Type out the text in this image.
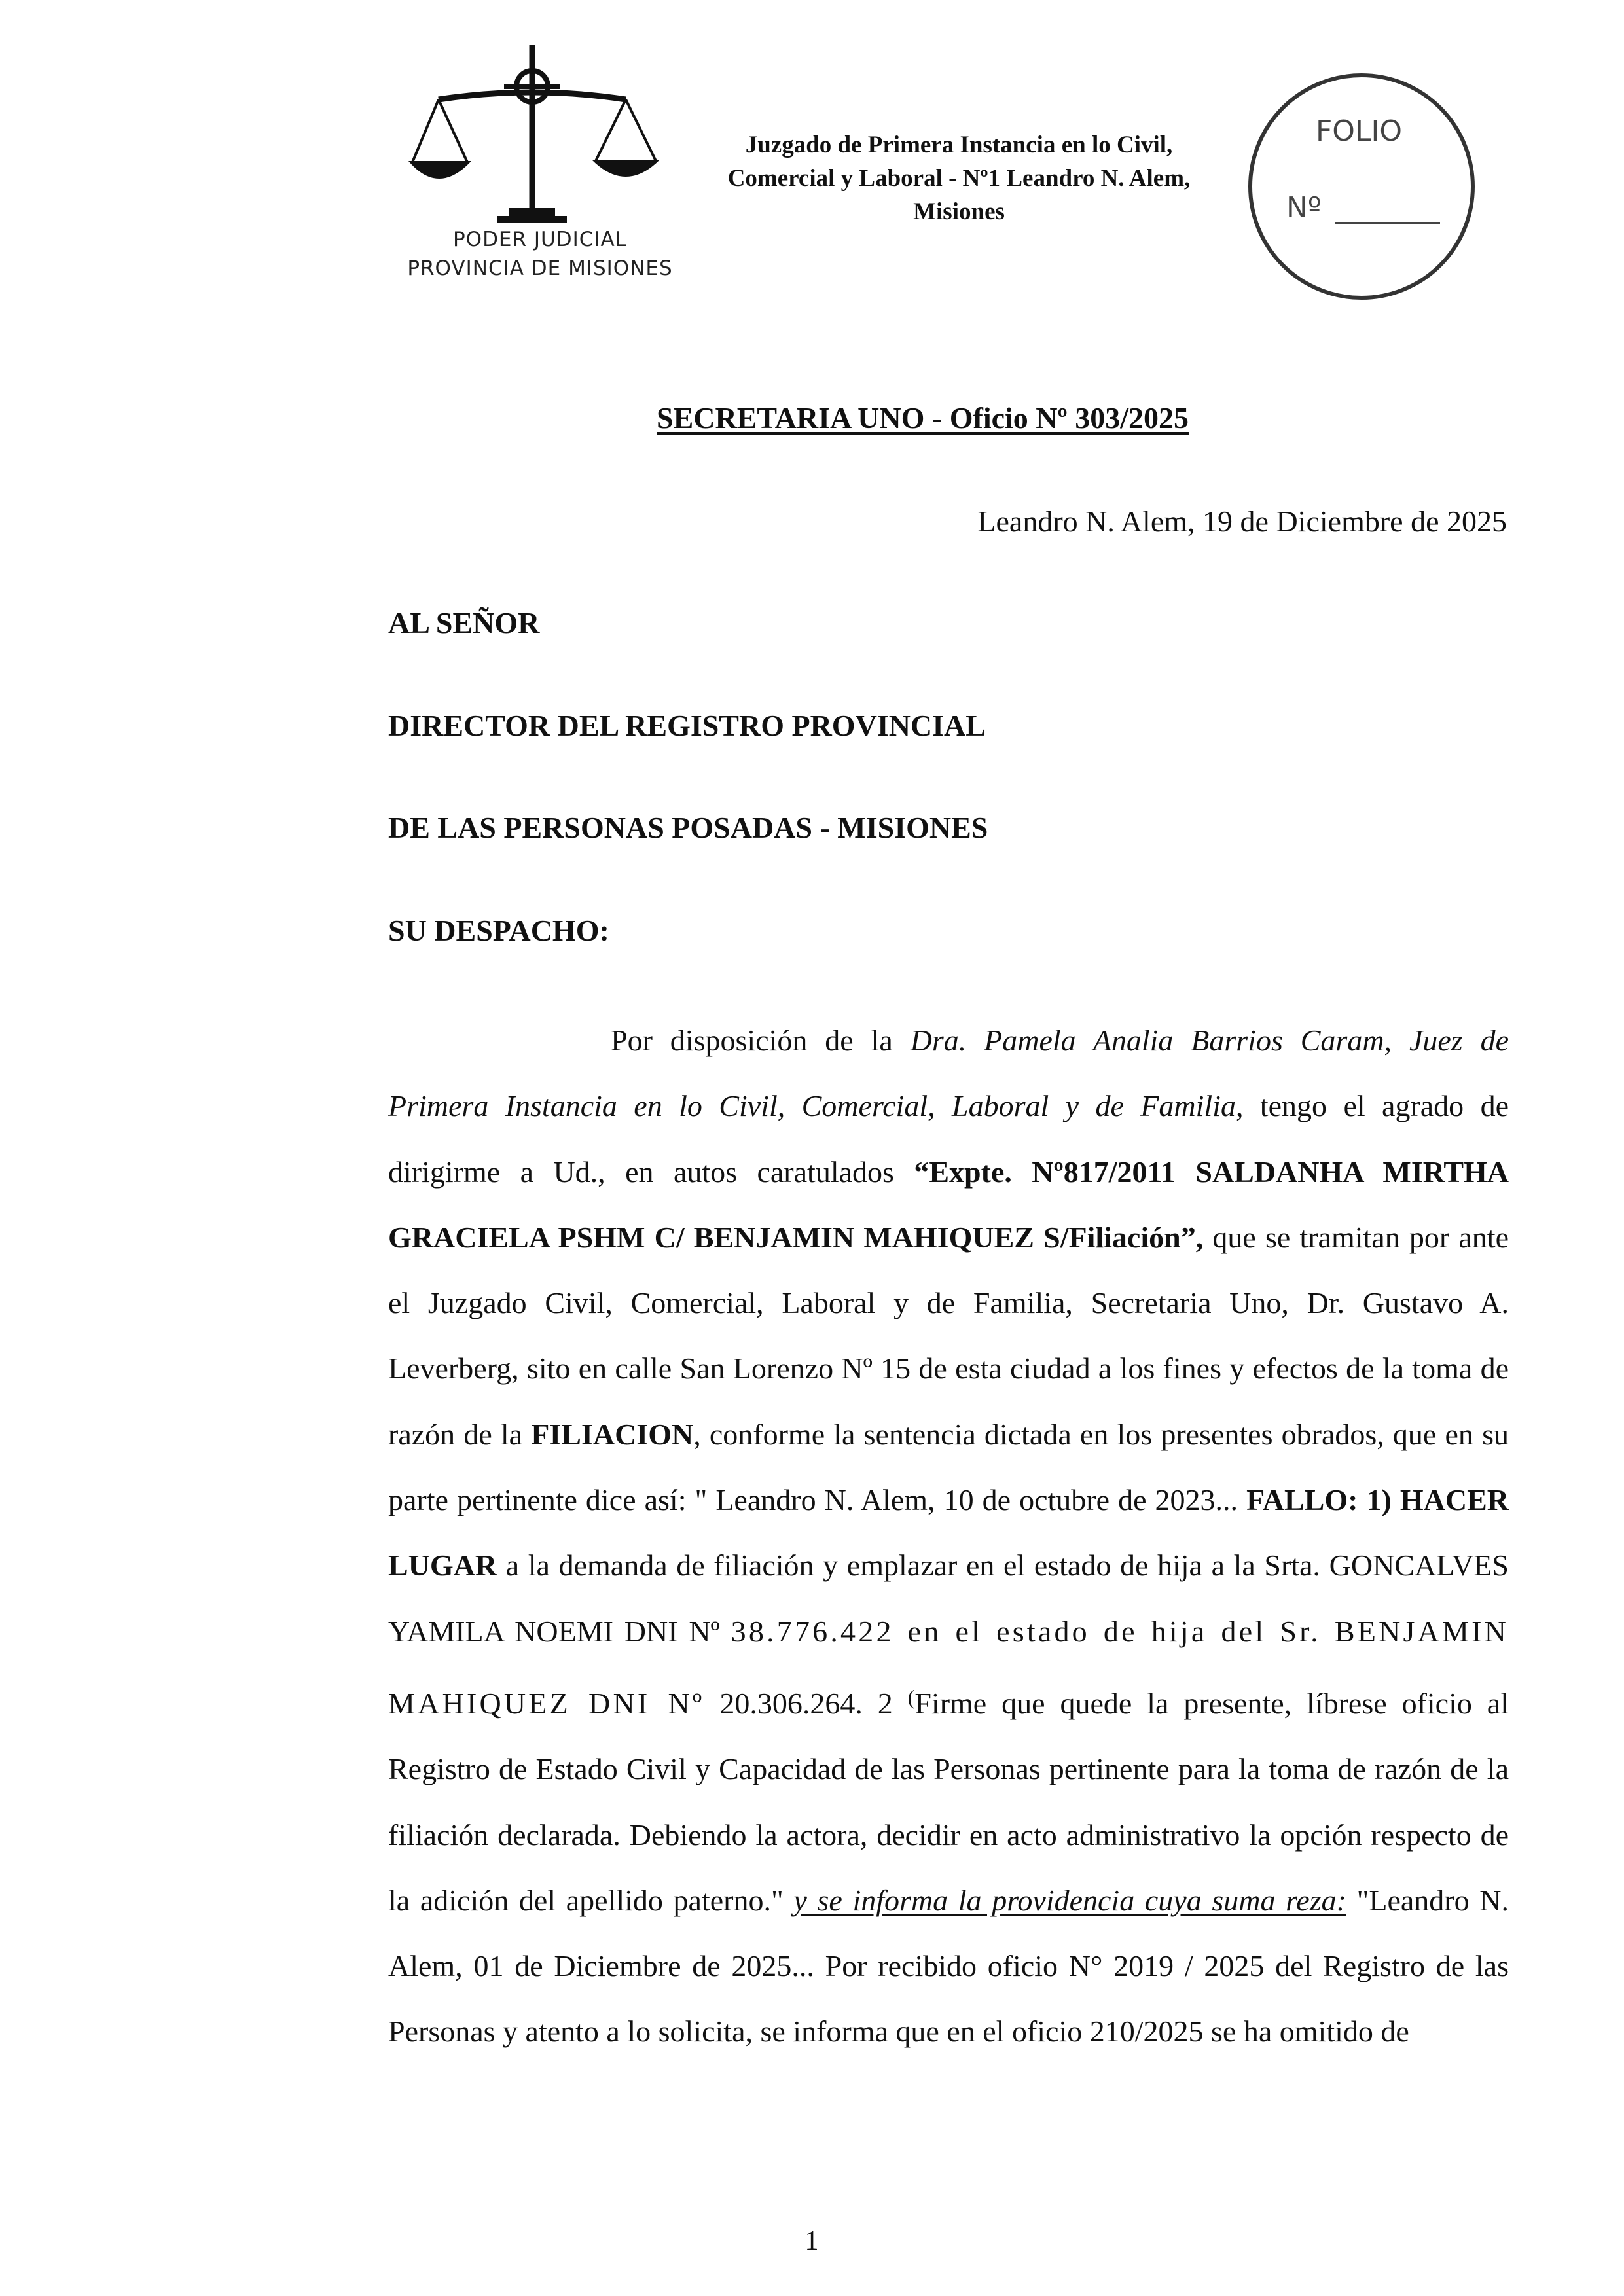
PODER JUDICIAL
PROVINCIA DE MISIONES
Juzgado de Primera Instancia en lo Civil,
Comercial y Laboral - Nº1 Leandro N. Alem,
Misiones
FOLIO
Nº
SECRETARIA UNO - Oficio Nº 303/2025
Leandro N. Alem, 19 de Diciembre de 2025
AL SEÑOR
DIRECTOR DEL REGISTRO PROVINCIAL
DE LAS PERSONAS POSADAS - MISIONES
SU DESPACHO:

Por disposición de la Dra. Pamela Analia Barrios Caram, Juez de Primera Instancia en lo Civil, Comercial, Laboral y de Familia, tengo el agrado de dirigirme a Ud., en autos caratulados “Expte. Nº817/2011 SALDANHA MIRTHA GRACIELA PSHM C/ BENJAMIN MAHIQUEZ S/Filiación”, que se tramitan por ante el Juzgado Civil, Comercial, Laboral y de Familia, Secretaria Uno, Dr. Gustavo A. Leverberg, sito en calle San Lorenzo Nº 15 de esta ciudad a los fines y efectos de la toma de razón de la FILIACION, conforme la sentencia dictada en los presentes obrados, que en su parte pertinente dice así: " Leandro N. Alem, 10 de octubre de 2023... FALLO: 1) HACER LUGAR a la demanda de filiación y emplazar en el estado de hija a la Srta. GONCALVES YAMILA NOEMI DNI Nº 38.776.422 en el estado de hija del Sr. BENJAMIN MAHIQUEZ DNI Nº 20.306.264. 2 (Firme que quede la presente, líbrese oficio al Registro de Estado Civil y Capacidad de las Personas pertinente para la toma de razón de la filiación declarada. Debiendo la actora, decidir en acto administrativo la opción respecto de la adición del apellido paterno." y se informa la providencia cuya suma reza: "Leandro N. Alem, 01 de Diciembre de 2025... Por recibido oficio N° 2019 / 2025 del Registro de las Personas y atento a lo solicita, se informa que en el oficio 210/2025 se ha omitido de

1
